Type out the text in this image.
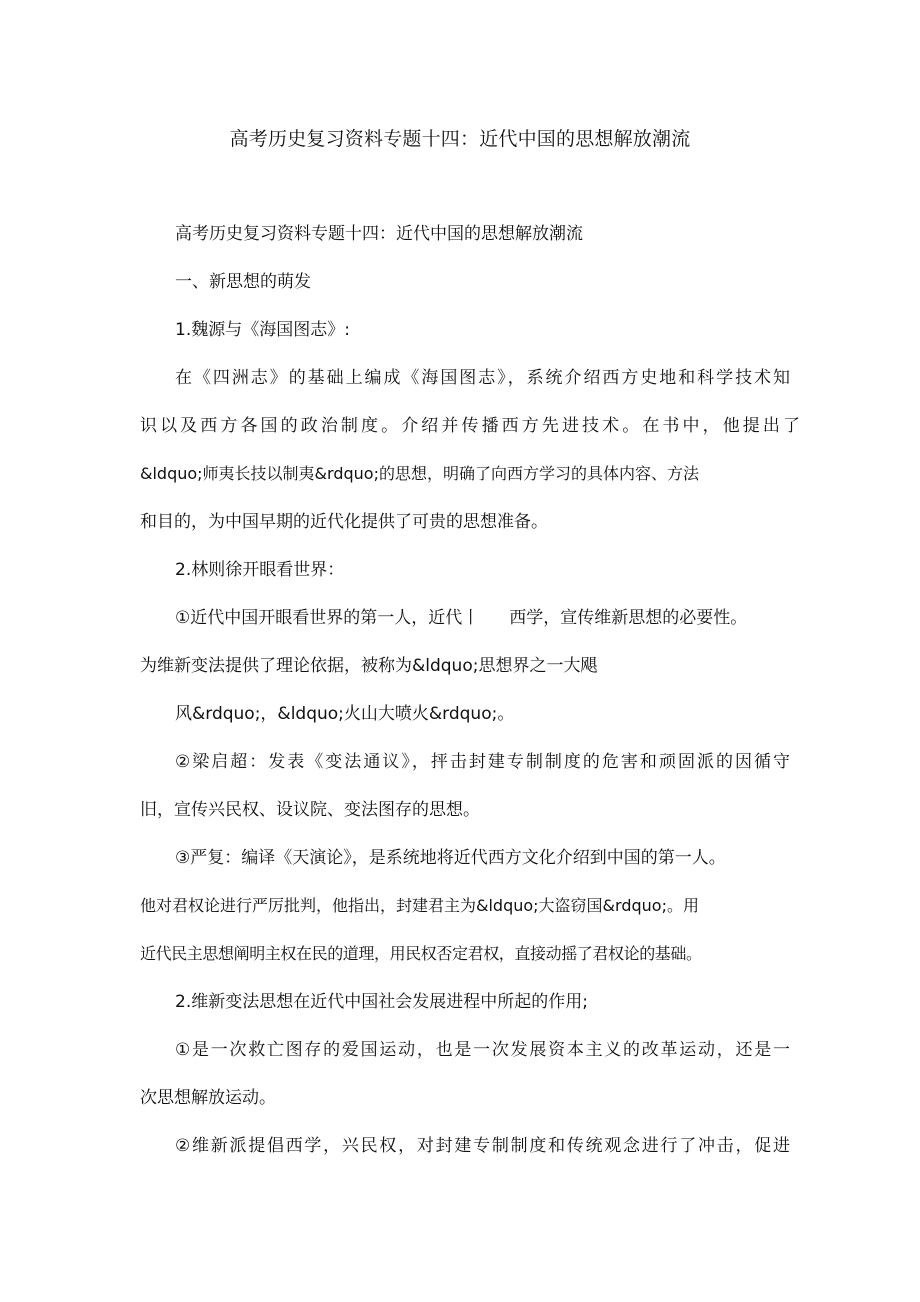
高考历史复习资料专题十四：近代中国的思想解放潮流
高考历史复习资料专题十四：近代中国的思想解放潮流
一、新思想的萌发
1.魏源与《海国图志》:
在《四洲志》的基础上编成《海国图志》，系统介绍西方史地和科学技术知
识以及西方各国的政治制度。介绍并传播西方先进技术。在书中，他提出了
&ldquo;师夷长技以制夷&rdquo;的思想，明确了向西方学习的具体内容、方法
和目的，为中国早期的近代化提供了可贵的思想准备。
2.林则徐开眼看世界：
①近代中国开眼看世界的第一人，近代丨 西学，宣传维新思想的必要性。
为维新变法提供了理论依据，被称为&ldquo;思想界之一大飓
风&rdquo;，&ldquo;火山大喷火&rdquo;。
②梁启超：发表《变法通议》，抨击封建专制制度的危害和顽固派的因循守
旧，宣传兴民权、设议院、变法图存的思想。
③严复：编译《天演论》，是系统地将近代西方文化介绍到中国的第一人。
他对君权论进行严厉批判，他指出，封建君主为&ldquo;大盗窃国&rdquo;。用
近代民主思想阐明主权在民的道理，用民权否定君权，直接动摇了君权论的基础。
2.维新变法思想在近代中国社会发展进程中所起的作用;
①是一次救亡图存的爱国运动，也是一次发展资本主义的改革运动，还是一
次思想解放运动。
②维新派提倡西学，兴民权，对封建专制制度和传统观念进行了冲击，促进
